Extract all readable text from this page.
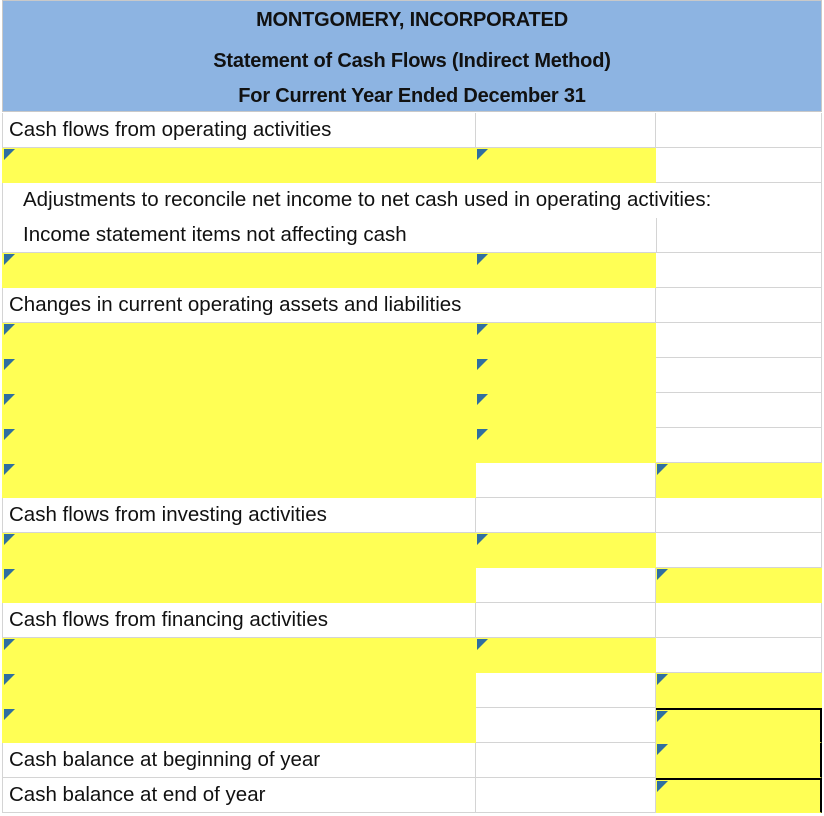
MONTGOMERY, INCORPORATED
Statement of Cash Flows (Indirect Method)
For Current Year Ended December 31
Cash flows from operating activities
Adjustments to reconcile net income to net cash used in operating activities:
Income statement items not affecting cash
Changes in current operating assets and liabilities
Cash flows from investing activities
Cash flows from financing activities
Cash balance at beginning of year
Cash balance at end of year
